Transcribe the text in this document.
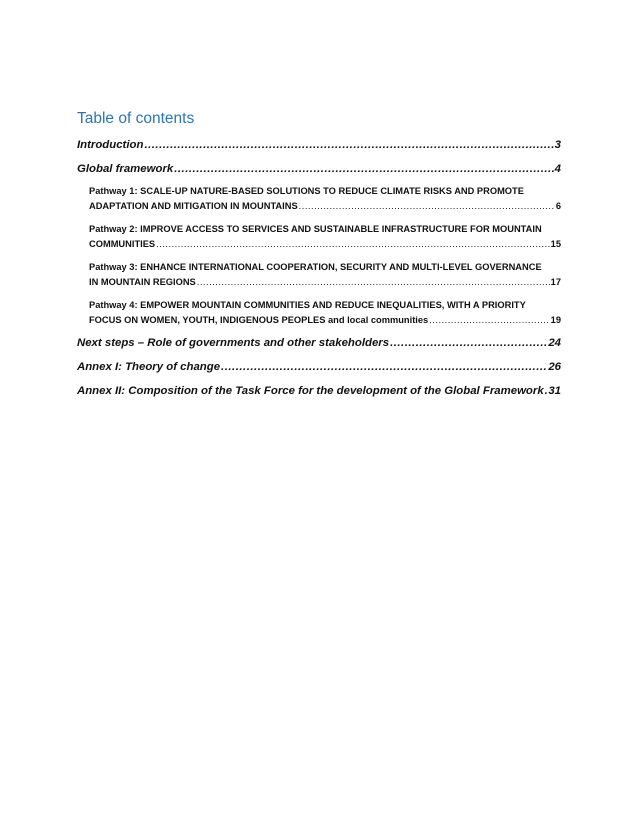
Table of contents
Introduction .....	3
Global framework .....	4
Pathway 1: SCALE-UP NATURE-BASED SOLUTIONS TO REDUCE CLIMATE RISKS AND PROMOTE
ADAPTATION AND MITIGATION IN MOUNTAINS .....	6
Pathway 2: IMPROVE ACCESS TO SERVICES AND SUSTAINABLE INFRASTRUCTURE FOR MOUNTAIN
COMMUNITIES .....	15
Pathway 3: ENHANCE INTERNATIONAL COOPERATION, SECURITY AND MULTI-LEVEL GOVERNANCE
IN MOUNTAIN REGIONS .....	17
Pathway 4: EMPOWER MOUNTAIN COMMUNITIES AND REDUCE INEQUALITIES, WITH A PRIORITY
FOCUS ON WOMEN, YOUTH, INDIGENOUS PEOPLES and local communities .....	19
Next steps – Role of governments and other stakeholders .....	24
Annex I: Theory of change .....	26
Annex II: Composition of the Task Force for the development of the Global Framework ..... 31
